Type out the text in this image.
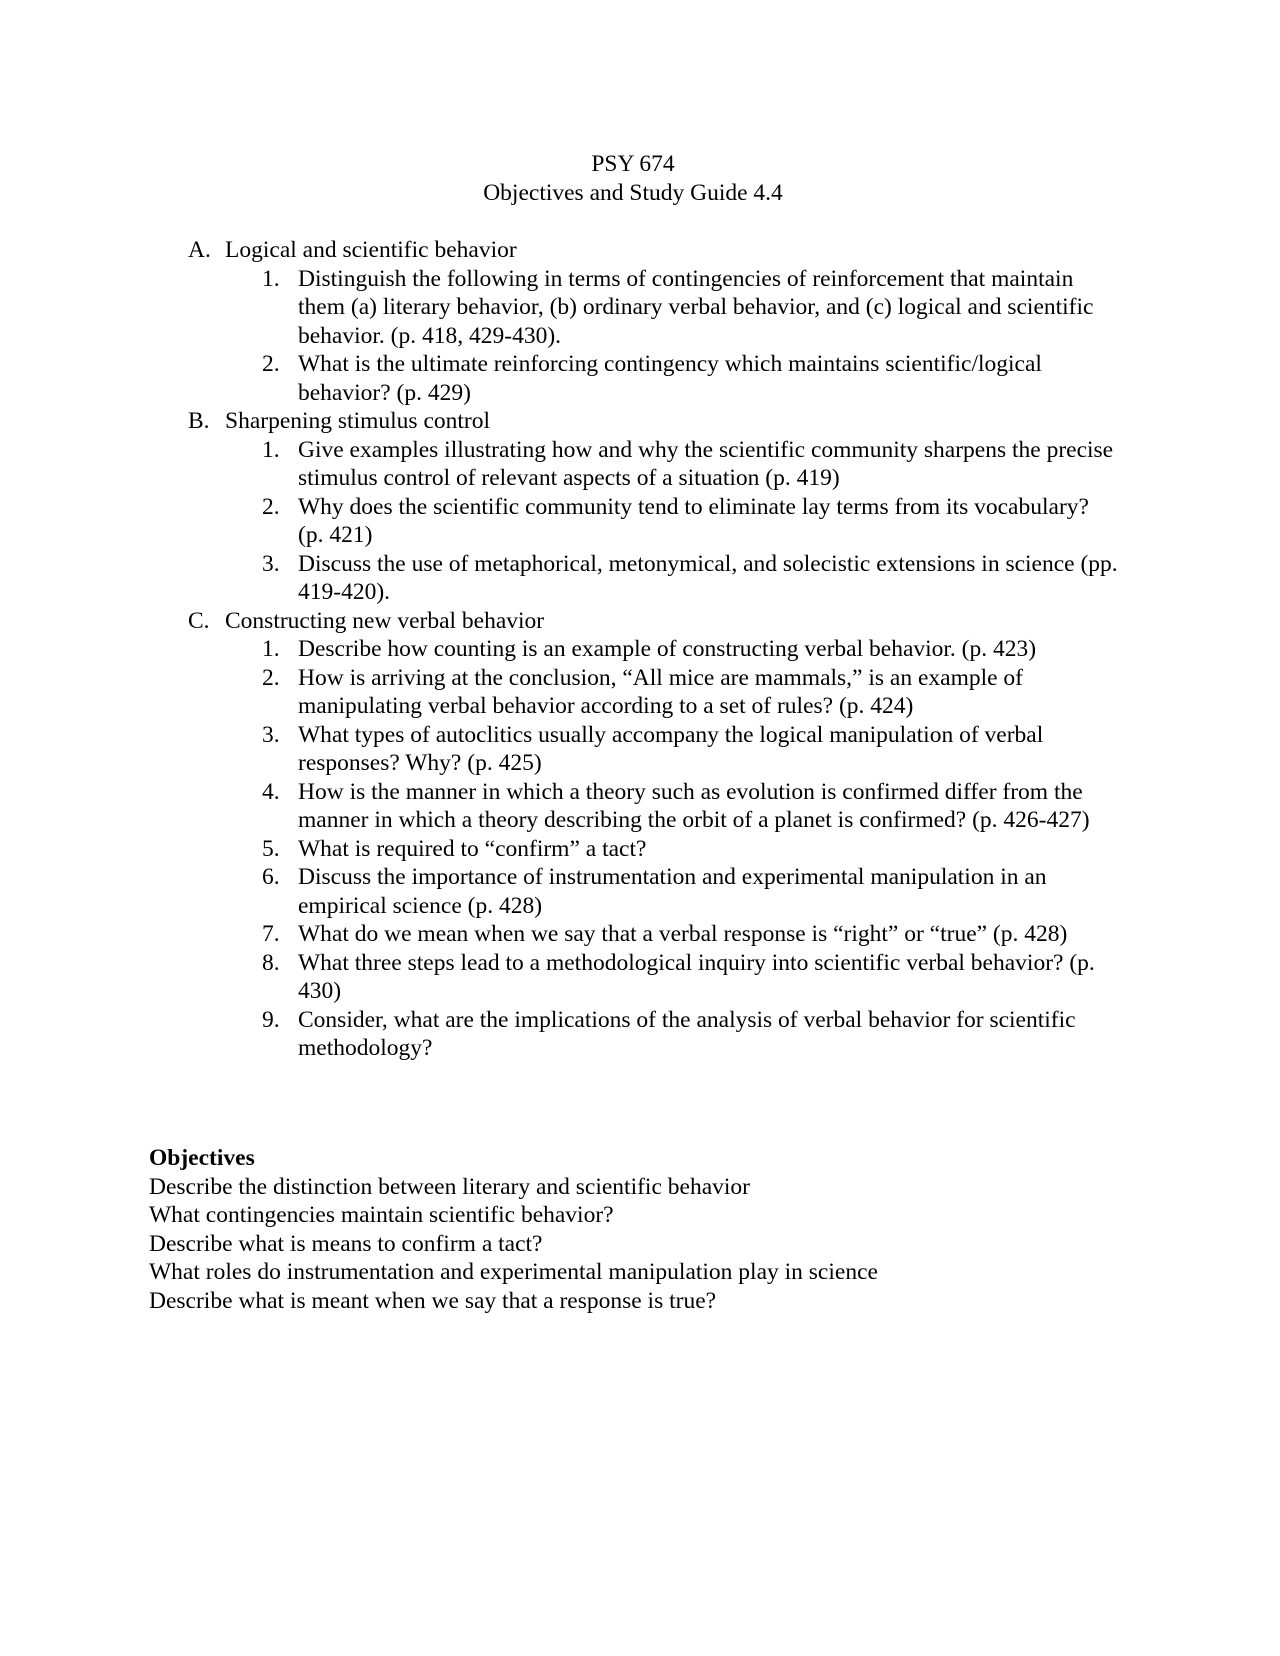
PSY 674
Objectives and Study Guide 4.4
A. Logical and scientific behavior
1. Distinguish the following in terms of contingencies of reinforcement that maintain them (a) literary behavior, (b) ordinary verbal behavior, and (c) logical and scientific behavior. (p. 418, 429-430).
2. What is the ultimate reinforcing contingency which maintains scientific/logical behavior? (p. 429)
B. Sharpening stimulus control
1. Give examples illustrating how and why the scientific community sharpens the precise stimulus control of relevant aspects of a situation (p. 419)
2. Why does the scientific community tend to eliminate lay terms from its vocabulary? (p. 421)
3. Discuss the use of metaphorical, metonymical, and solecistic extensions in science (pp. 419-420).
C. Constructing new verbal behavior
1. Describe how counting is an example of constructing verbal behavior. (p. 423)
2. How is arriving at the conclusion, “All mice are mammals,” is an example of manipulating verbal behavior according to a set of rules? (p. 424)
3. What types of autoclitics usually accompany the logical manipulation of verbal responses? Why? (p. 425)
4. How is the manner in which a theory such as evolution is confirmed differ from the manner in which a theory describing the orbit of a planet is confirmed? (p. 426-427)
5. What is required to “confirm” a tact?
6. Discuss the importance of instrumentation and experimental manipulation in an empirical science (p. 428)
7. What do we mean when we say that a verbal response is “right” or “true” (p. 428)
8. What three steps lead to a methodological inquiry into scientific verbal behavior? (p. 430)
9. Consider, what are the implications of the analysis of verbal behavior for scientific methodology?
Objectives
Describe the distinction between literary and scientific behavior
What contingencies maintain scientific behavior?
Describe what is means to confirm a tact?
What roles do instrumentation and experimental manipulation play in science
Describe what is meant when we say that a response is true?
